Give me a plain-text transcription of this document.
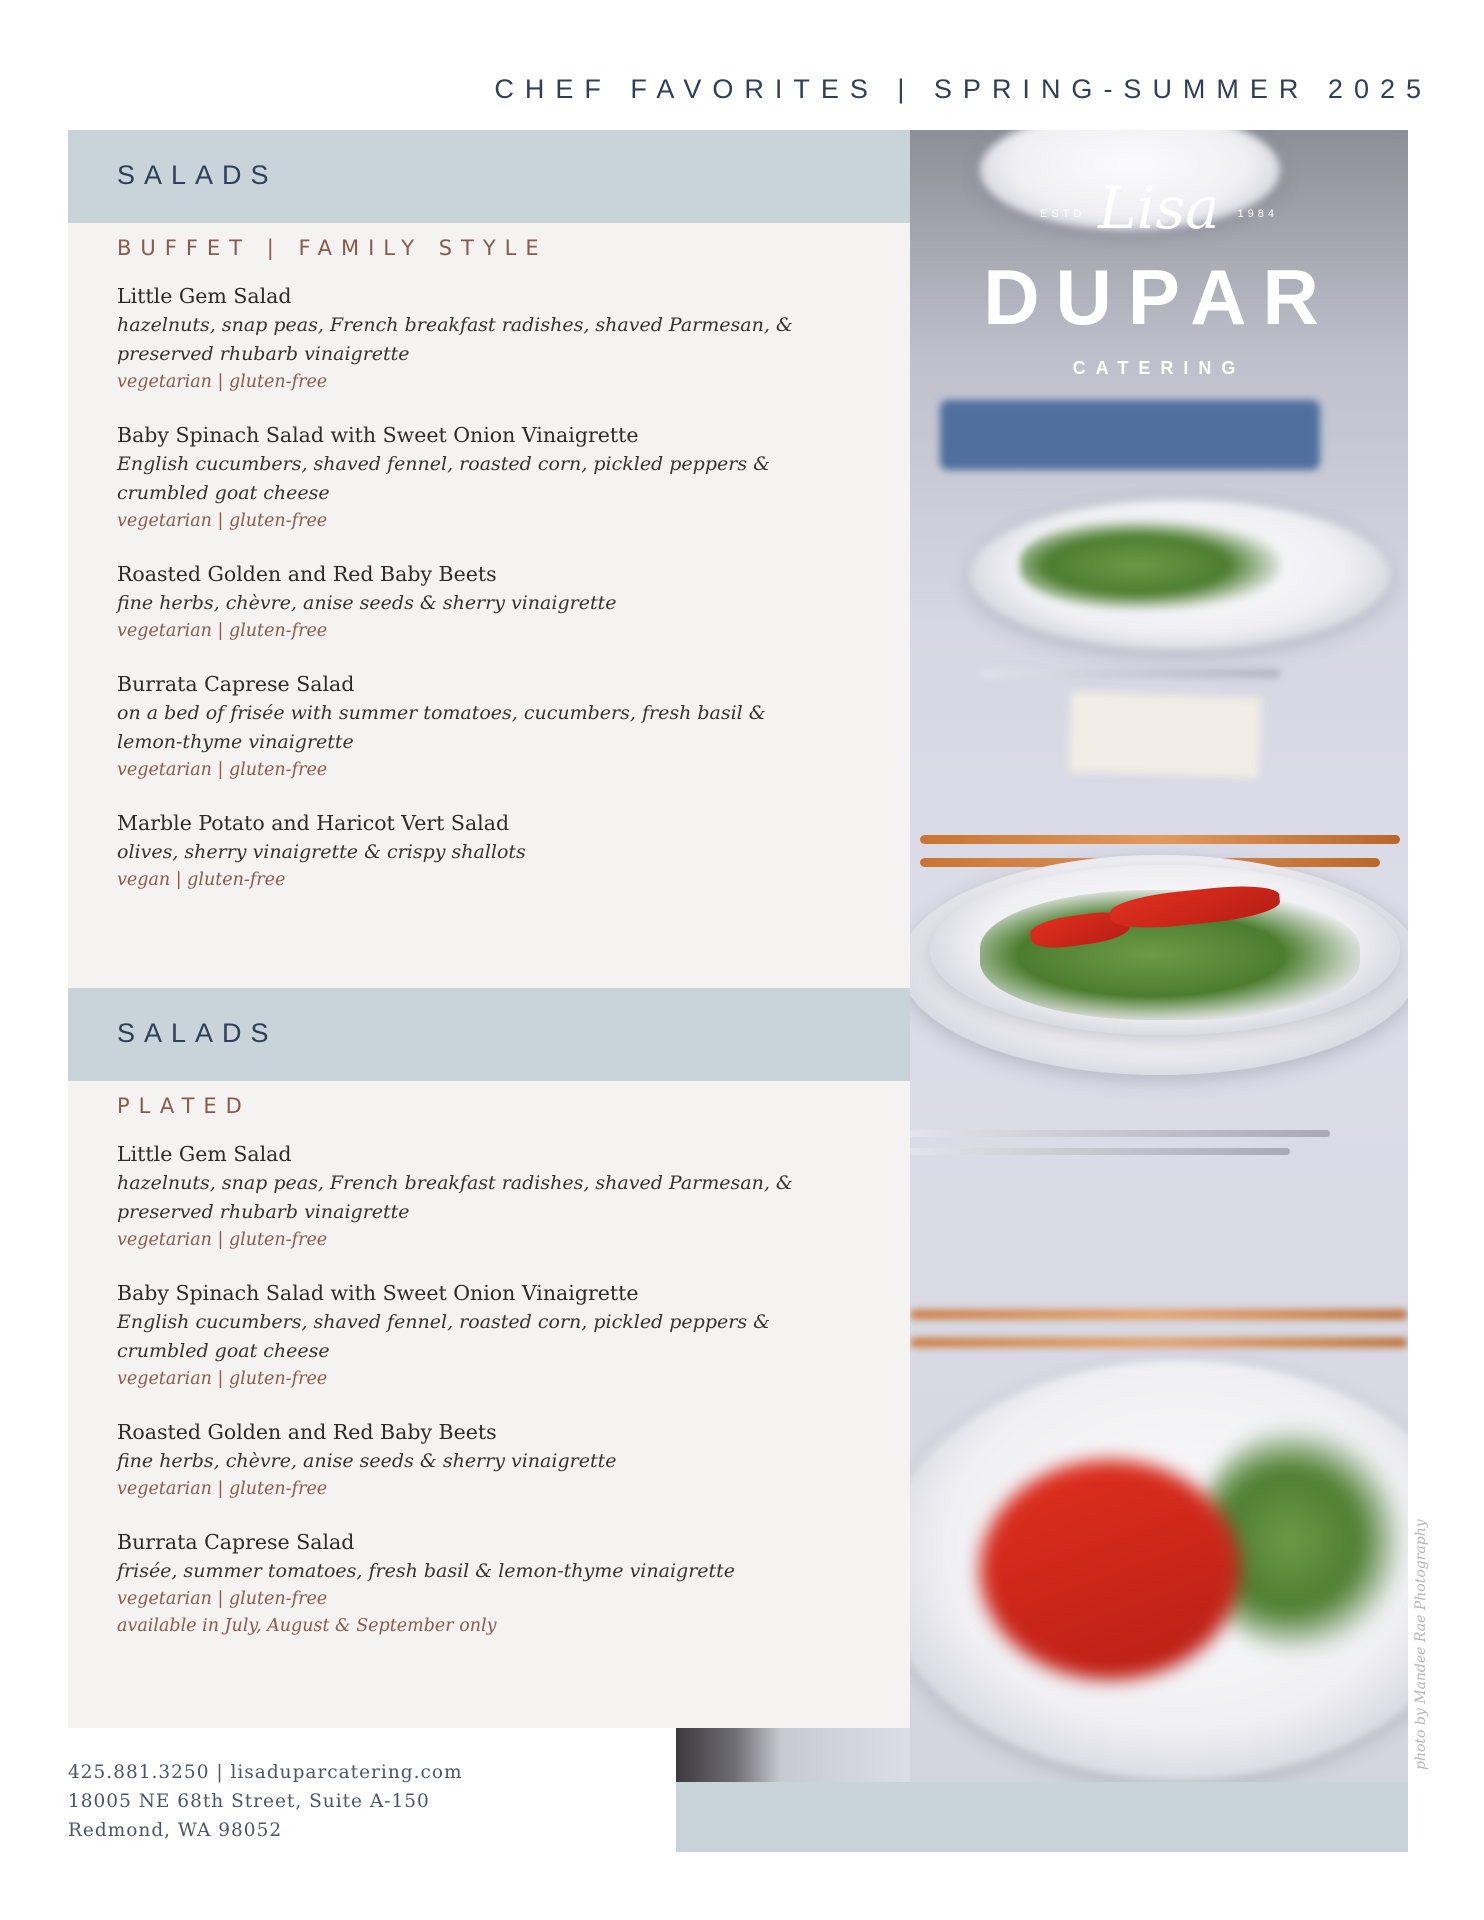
CHEF FAVORITES | SPRING-SUMMER 2025
ESTD Lisa	1984
DUPAR
CATERING
photo by Mandee Rae Photography
SALADS
BUFFET | FAMILY STYLE
Little Gem Salad
hazelnuts, snap peas, French breakfast radishes, shaved Parmesan, & preserved rhubarb vinaigrette
vegetarian | gluten-free
Baby Spinach Salad with Sweet Onion Vinaigrette
English cucumbers, shaved fennel, roasted corn, pickled peppers & crumbled goat cheese
vegetarian | gluten-free
Roasted Golden and Red Baby Beets
fine herbs, chèvre, anise seeds & sherry vinaigrette
vegetarian | gluten-free
Burrata Caprese Salad
on a bed of frisée with summer tomatoes, cucumbers, fresh basil & lemon-thyme vinaigrette
vegetarian | gluten-free
Marble Potato and Haricot Vert Salad
olives, sherry vinaigrette & crispy shallots
vegan | gluten-free
SALADS
PLATED
Little Gem Salad
hazelnuts, snap peas, French breakfast radishes, shaved Parmesan, & preserved rhubarb vinaigrette
vegetarian | gluten-free
Baby Spinach Salad with Sweet Onion Vinaigrette
English cucumbers, shaved fennel, roasted corn, pickled peppers & crumbled goat cheese
vegetarian | gluten-free
Roasted Golden and Red Baby Beets
fine herbs, chèvre, anise seeds & sherry vinaigrette
vegetarian | gluten-free
Burrata Caprese Salad
frisée, summer tomatoes, fresh basil & lemon-thyme vinaigrette
vegetarian | gluten-free
available in July, August & September only
425.881.3250 | lisaduparcatering.com
18005 NE 68th Street, Suite A-150
Redmond, WA 98052
